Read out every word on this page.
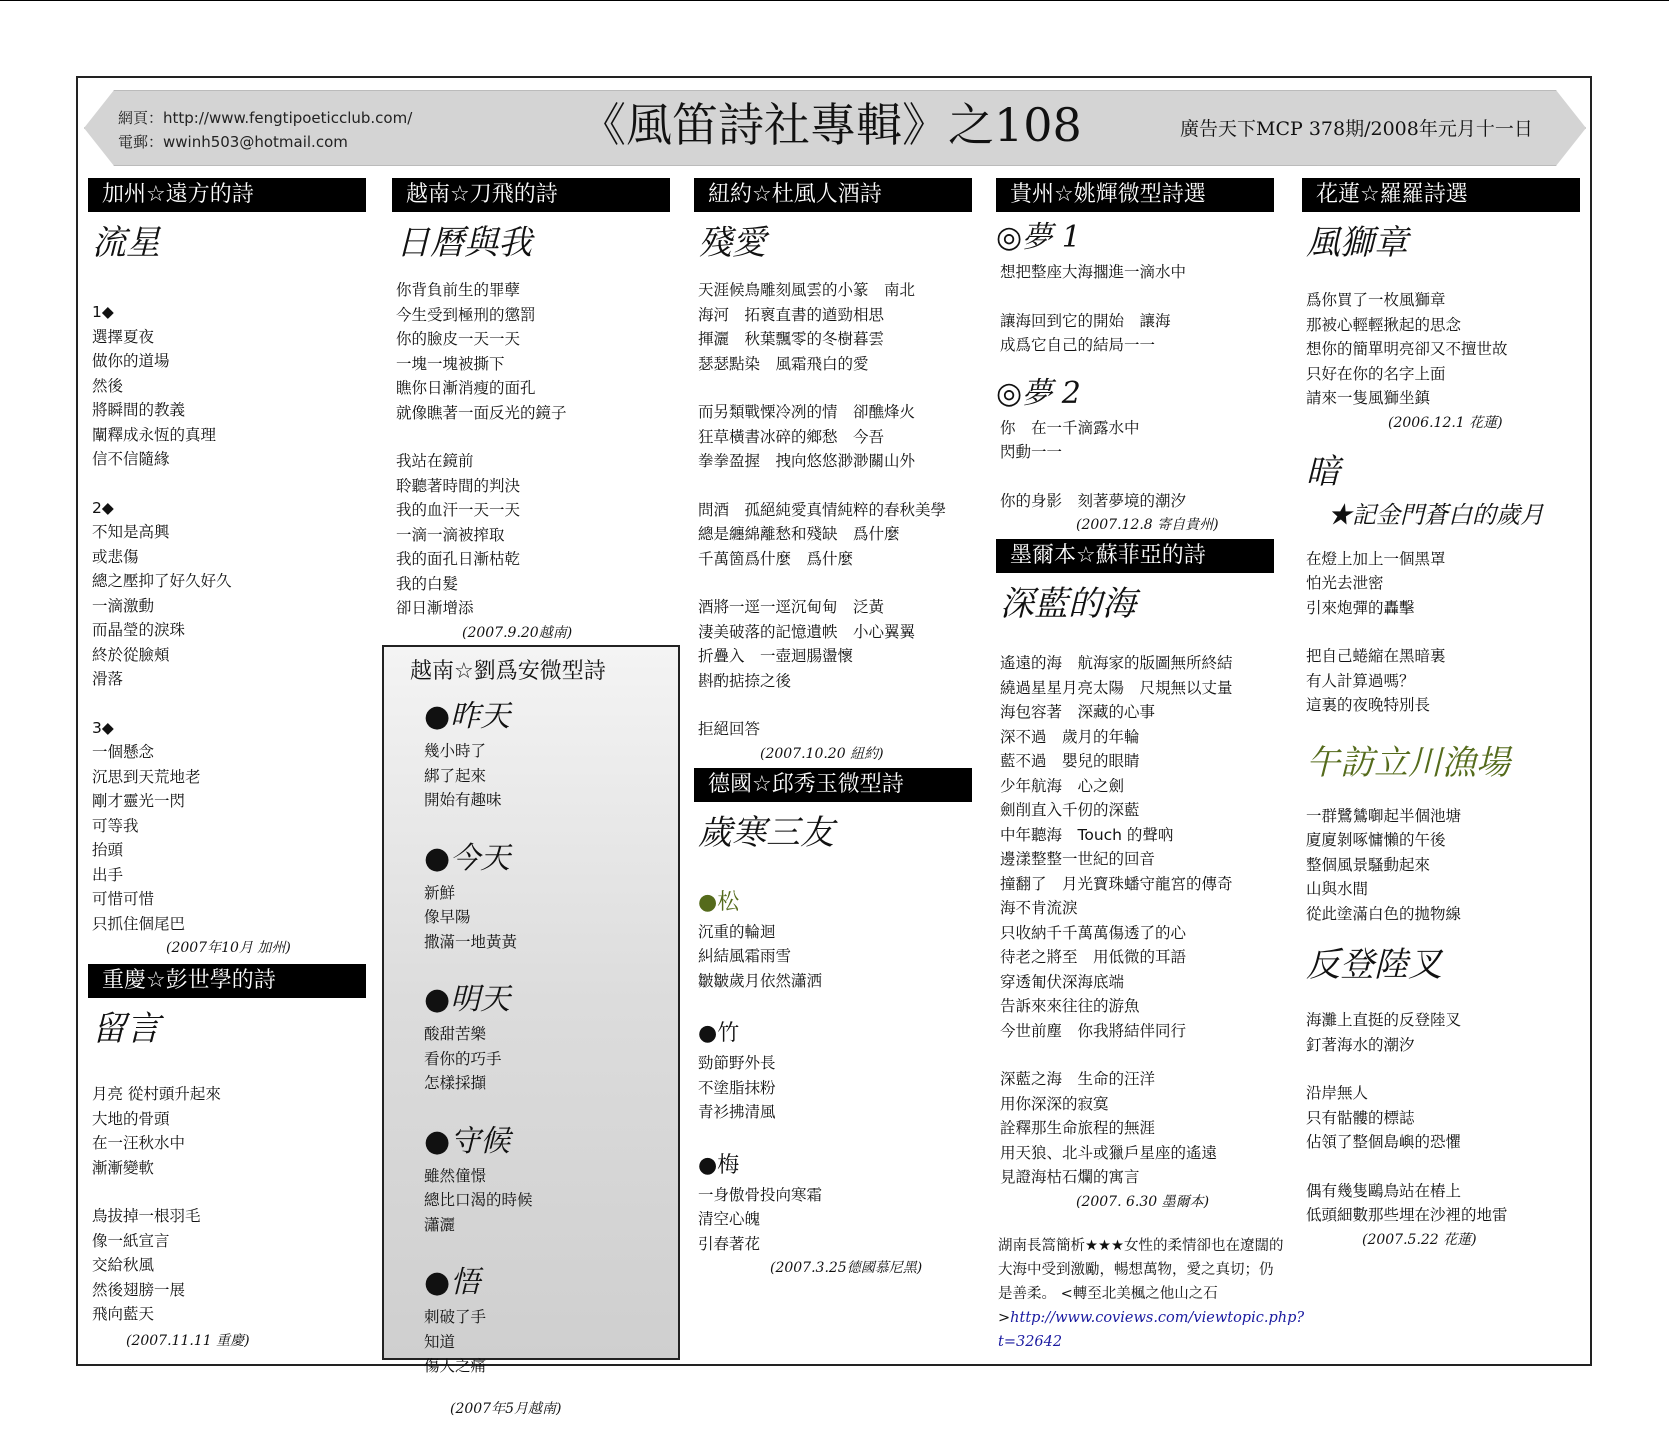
網頁：http://www.fengtipoeticclub.com/
電郵：wwinh503@hotmail.com	《風笛詩社專輯》之108	廣告天下MCP 378期/2008年元月十一日
加州☆遠方的詩
流星
1◆
選擇夏夜
做你的道場
然後
將瞬間的教義
闡釋成永恆的真理
信不信隨緣
2◆
不知是高興
或悲傷
總之壓抑了好久好久
一滴激動
而晶瑩的淚珠
終於從臉頰
滑落
3◆
一個懸念
沉思到天荒地老
剛才靈光一閃
可等我
抬頭
出手
可惜可惜
只抓住個尾巴
(2007年10月 加州)
重慶☆彭世學的詩
留言
月亮 從村頭升起來
大地的骨頭
在一汪秋水中
漸漸變軟
鳥拔掉一根羽毛
像一紙宣言
交給秋風
然後翅膀一展
飛向藍天
(2007.11.11 重慶)
越南☆刀飛的詩
日曆與我
你背負前生的罪孽
今生受到極刑的懲罰
你的臉皮一天一天
一塊一塊被撕下
瞧你日漸消瘦的面孔
就像瞧著一面反光的鏡子
我站在鏡前
聆聽著時間的判決
我的血汗一天一天
一滴一滴被搾取
我的面孔日漸枯乾
我的白髮
卻日漸增添
(2007.9.20越南)
越南☆劉爲安微型詩
●昨天
幾小時了
綁了起來
開始有趣味
●今天
新鮮
像早陽
撒滿一地黃黃
●明天
酸甜苦樂
看你的巧手
怎樣採擷
●守候
雖然僮憬
總比口渴的時候
瀟灑
●悟
刺破了手
知道
傷人之痛
(2007年5月越南)
紐約☆杜風人酒詩
殘愛
天涯候鳥雕刻風雲的小篆　南北
海河　拓褱直書的遒勁相思
揮灑　秋葉飄零的冬樹暮雲
瑟瑟點染　風霜飛白的愛
而另類戰慄冷冽的情　卻醮烽火
狂草橫書冰碎的鄉愁　今吾
拳拳盈握　拽向悠悠渺渺關山外
問酒　孤絕純愛真情純粹的春秋美學
總是纏綿離愁和殘缺　爲什麼
千萬箇爲什麼　爲什麼
酒將一逕一逕沉甸甸　泛黃
淒美破落的記憶遺帙　小心翼翼
折疊入　一壺迴腸盪懷
斟酌掂捺之後
拒絕回答
(2007.10.20 紐約)
德國☆邱秀玉微型詩
歲寒三友
●松
沉重的輪迴
糾結風霜雨雪
皺皺歲月依然瀟洒
●竹
勁節野外長
不塗脂抹粉
青衫拂清風
●梅
一身傲骨投向寒霜
清空心魄
引春著花
(2007.3.25德國慕尼黑)
貴州☆姚輝微型詩選
◎夢 1
想把整座大海擱進一滴水中
讓海回到它的開始　讓海
成爲它自己的結局一一
◎夢 2
你　在一千滴露水中
閃動一一
你的身影　刻著夢境的潮汐
(2007.12.8 寄自貴州)
墨爾本☆蘇菲亞的詩
深藍的海
遙遠的海　航海家的版圖無所終結
繞過星星月亮太陽　尺規無以丈量
海包容著　深藏的心事
深不過　歲月的年輪
藍不過　嬰兒的眼睛
少年航海　心之劍
劍削直入千仞的深藍
中年聽海　Touch 的聲吶
邊漾整整一世紀的回音
撞翻了　月光寶珠蟠守龍宮的傳奇
海不肯流淚
只收納千千萬萬傷透了的心
待老之將至　用低微的耳語
穿透匍伏深海底端
告訴來來往往的游魚
今世前塵　你我將結伴同行
深藍之海　生命的汪洋
用你深深的寂寞
詮釋那生命旅程的無涯
用天狼、北斗或獵戶星座的遙遠
見證海枯石爛的寓言
(2007. 6.30 墨爾本)
湖南長篙簡析★★★女性的柔情卻也在遼闊的大海中受到激勵，暢想萬物，愛之真切；仍是善柔。 <轉至北美楓之他山之石>http://www.coviews.com/viewtopic.php?t=32642
花蓮☆羅羅詩選
風獅章
爲你買了一枚風獅章
那被心輕輕揪起的思念
想你的簡單明亮卻又不擅世故
只好在你的名字上面
請來一隻風獅坐鎮
(2006.12.1 花蓮)
暗
★記金門蒼白的歲月
在燈上加上一個黑罩
怕光去泄密
引來炮彈的轟擊
把自己蜷縮在黑暗裏
有人計算過嗎？
這裏的夜晚特別長
午訪立川漁場
一群鷺鷥啣起半個池塘
廈廈剝啄慵懶的午後
整個風景騷動起來
山與水間
從此塗滿白色的拋物線
反登陸叉
海灘上直挺的反登陸叉
釘著海水的潮汐
沿岸無人
只有骷髏的標誌
佔領了整個島嶼的恐懼
偶有幾隻鷗鳥站在樁上
低頭細數那些埋在沙裡的地雷
(2007.5.22 花蓮)
